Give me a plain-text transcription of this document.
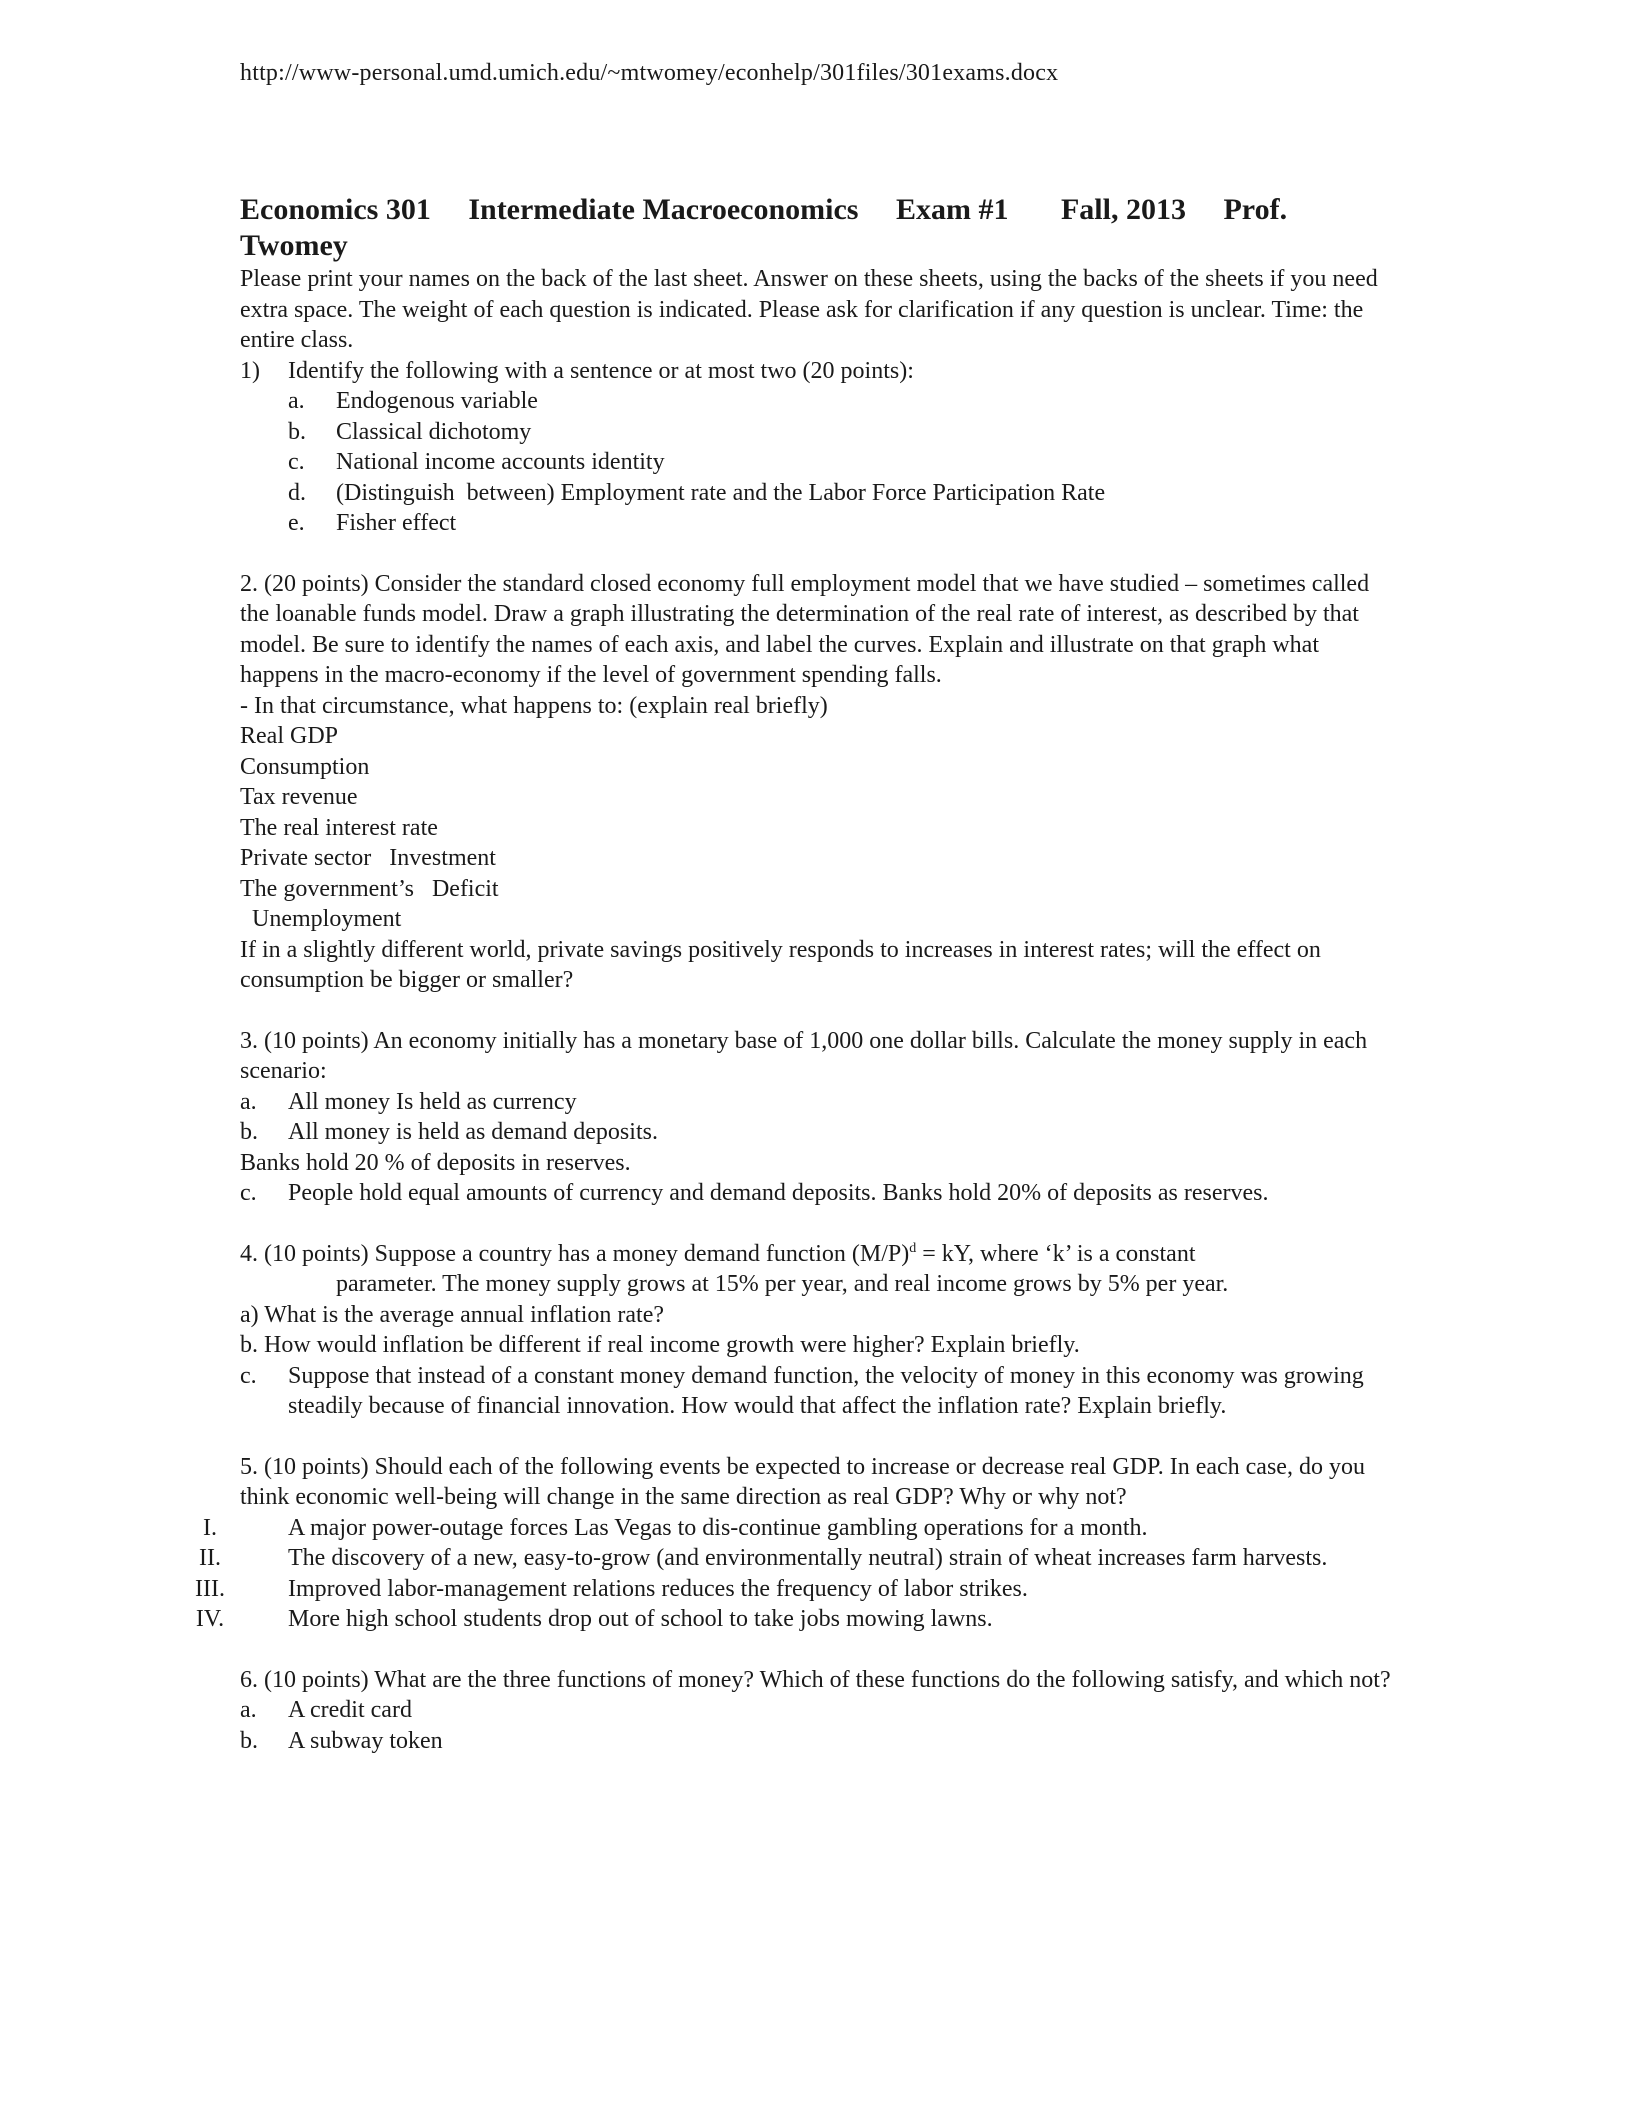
http://www-personal.umd.umich.edu/~mtwomey/econhelp/301files/301exams.docx
Economics 301 Intermediate Macroeconomics Exam #1 Fall, 2013 Prof.
Twomey

Please print your names on the back of the last sheet. Answer on these sheets, using the backs of the sheets if you need extra space. The weight of each question is indicated. Please ask for clarification if any question is unclear. Time: the entire class.

1)	Identify the following with a sentence or at most two (20 points):
a.	Endogenous variable
b.	Classical dichotomy
c.	National income accounts identity
d.	(Distinguish  between) Employment rate and the Labor Force Participation Rate
e.	Fisher effect

2. (20 points) Consider the standard closed economy full employment model that we have studied – sometimes called the loanable funds model. Draw a graph illustrating the determination of the real rate of interest, as described by that model. Be sure to identify the names of each axis, and label the curves. Explain and illustrate on that graph what happens in the macro-economy if the level of government spending falls.

- In that circumstance, what happens to: (explain real briefly)

Real GDP

Consumption

Tax revenue

The real interest rate

Private sector   Investment

The government’s   Deficit

Unemployment

If in a slightly different world, private savings positively responds to increases in interest rates; will the effect on consumption be bigger or smaller?

3. (10 points) An economy initially has a monetary base of 1,000 one dollar bills. Calculate the money supply in each scenario:

a.	All money Is held as currency
b.	All money is held as demand deposits.

Banks hold 20 % of deposits in reserves.

c.	People hold equal amounts of currency and demand deposits. Banks hold 20% of deposits as reserves.

4. (10 points) Suppose a country has a money demand function $(M/P)^d$ = kY, where ‘k’ is a constant

parameter. The money supply grows at 15% per year, and real income grows by 5% per year.

a) What is the average annual inflation rate?

b. How would inflation be different if real income growth were higher? Explain briefly.

c.	Suppose that instead of a constant money demand function, the velocity of money in this economy was growing steadily because of financial innovation. How would that affect the inflation rate? Explain briefly.

5. (10 points) Should each of the following events be expected to increase or decrease real GDP. In each case, do you think economic well-being will change in the same direction as real GDP? Why or why not?

I.	A major power-outage forces Las Vegas to dis-continue gambling operations for a month.
II.	The discovery of a new, easy-to-grow (and environmentally neutral) strain of wheat increases farm harvests.
III.	Improved labor-management relations reduces the frequency of labor strikes.
IV.	More high school students drop out of school to take jobs mowing lawns.

6. (10 points) What are the three functions of money? Which of these functions do the following satisfy, and which not?

a.	A credit card
b.	A subway token
